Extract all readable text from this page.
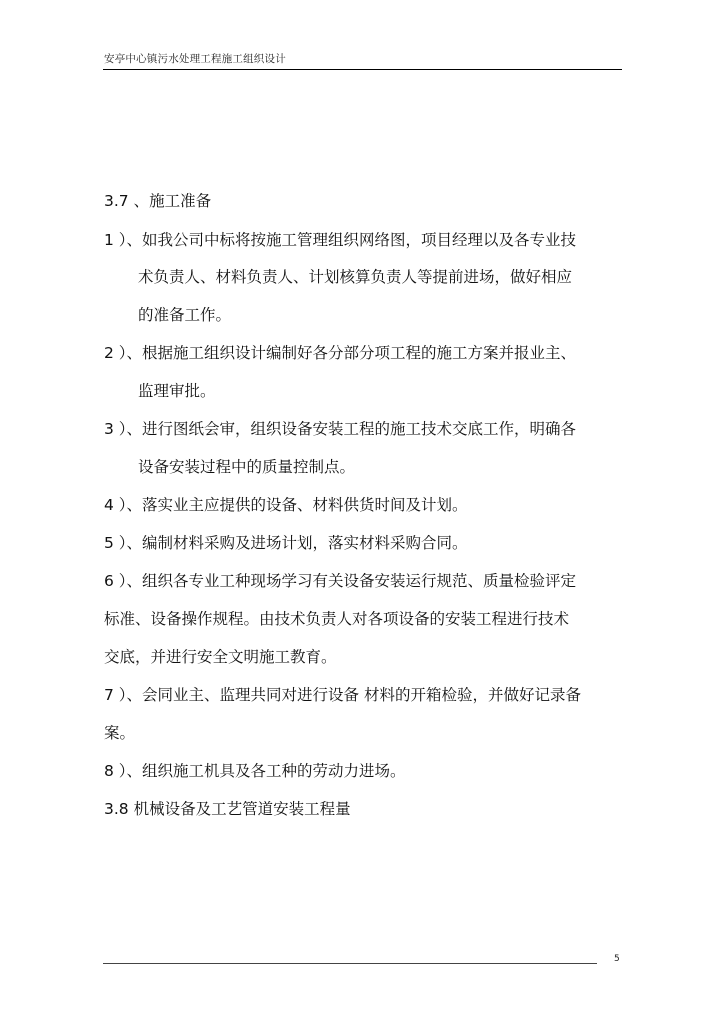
安亭中心镇污水处理工程施工组织设计
3.7 、施工准备
1 ）、如我公司中标将按施工管理组织网络图，项目经理以及各专业技
术负责人、材料负责人、计划核算负责人等提前进场，做好相应
的准备工作。
2 ）、根据施工组织设计编制好各分部分项工程的施工方案并报业主、
监理审批。
3 ）、进行图纸会审，组织设备安装工程的施工技术交底工作，明确各
设备安装过程中的质量控制点。
4 ）、落实业主应提供的设备、材料供货时间及计划。
5 ）、编制材料采购及进场计划，落实材料采购合同。
6 ）、组织各专业工种现场学习有关设备安装运行规范、质量检验评定
标准、设备操作规程。由技术负责人对各项设备的安装工程进行技术
交底，并进行安全文明施工教育。
7 ）、会同业主、监理共同对进行设备 材料的开箱检验，并做好记录备
案。
8 ）、组织施工机具及各工种的劳动力进场。
3.8 机械设备及工艺管道安装工程量
5
